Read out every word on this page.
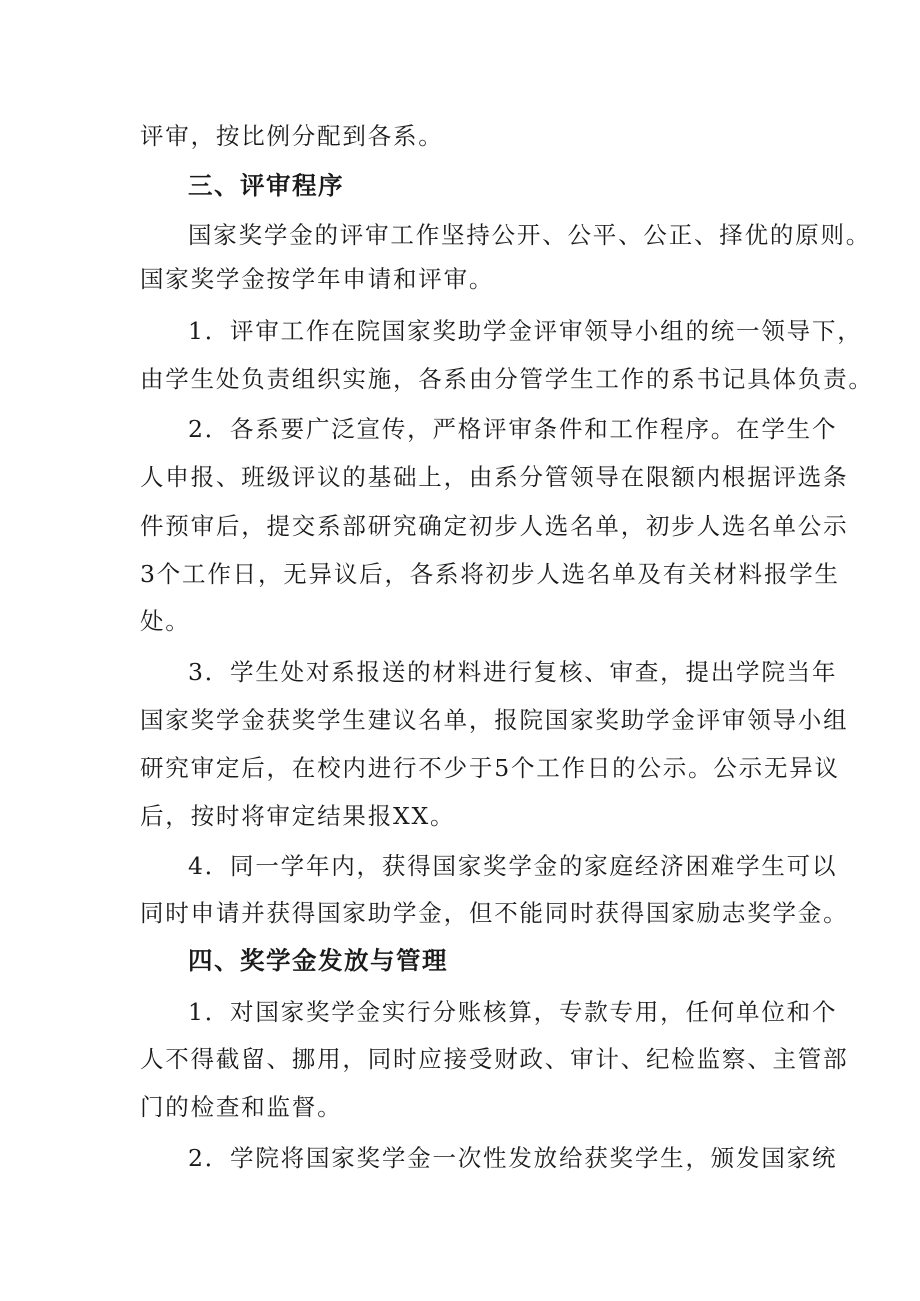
评审，按比例分配到各系。
三、评审程序
国家奖学金的评审工作坚持公开、公平、公正、择优的原则。
国家奖学金按学年申请和评审。
1．评审工作在院国家奖助学金评审领导小组的统一领导下，
由学生处负责组织实施，各系由分管学生工作的系书记具体负责。
2．各系要广泛宣传，严格评审条件和工作程序。在学生个
人申报、班级评议的基础上，由系分管领导在限额内根据评选条
件预审后，提交系部研究确定初步人选名单，初步人选名单公示
3个工作日，无异议后，各系将初步人选名单及有关材料报学生
处。
3．学生处对系报送的材料进行复核、审查，提出学院当年
国家奖学金获奖学生建议名单，报院国家奖助学金评审领导小组
研究审定后，在校内进行不少于5个工作日的公示。公示无异议
后，按时将审定结果报XX。
4．同一学年内，获得国家奖学金的家庭经济困难学生可以
同时申请并获得国家助学金，但不能同时获得国家励志奖学金。
四、奖学金发放与管理
1．对国家奖学金实行分账核算，专款专用，任何单位和个
人不得截留、挪用，同时应接受财政、审计、纪检监察、主管部
门的检查和监督。
2．学院将国家奖学金一次性发放给获奖学生，颁发国家统
